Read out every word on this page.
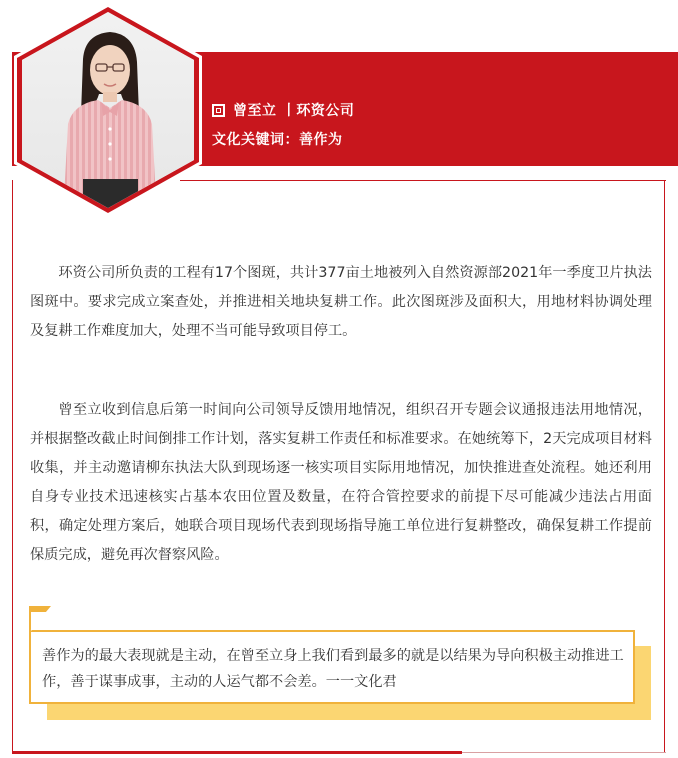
曾至立 丨环资公司
文化关键词：善作为

环资公司所负责的工程有17个图斑，共计377亩土地被列入自然资源部2021年一季度卫片执法图斑中。要求完成立案查处，并推进相关地块复耕工作。此次图斑涉及面积大，用地材料协调处理及复耕工作难度加大，处理不当可能导致项目停工。

曾至立收到信息后第一时间向公司领导反馈用地情况，组织召开专题会议通报违法用地情况，并根据整改截止时间倒排工作计划，落实复耕工作责任和标准要求。在她统筹下，2天完成项目材料收集，并主动邀请柳东执法大队到现场逐一核实项目实际用地情况，加快推进查处流程。她还利用自身专业技术迅速核实占基本农田位置及数量，在符合管控要求的前提下尽可能减少违法占用面积，确定处理方案后，她联合项目现场代表到现场指导施工单位进行复耕整改，确保复耕工作提前保质完成，避免再次督察风险。

善作为的最大表现就是主动，在曾至立身上我们看到最多的就是以结果为导向积极主动推进工作，善于谋事成事，主动的人运气都不会差。一一文化君
